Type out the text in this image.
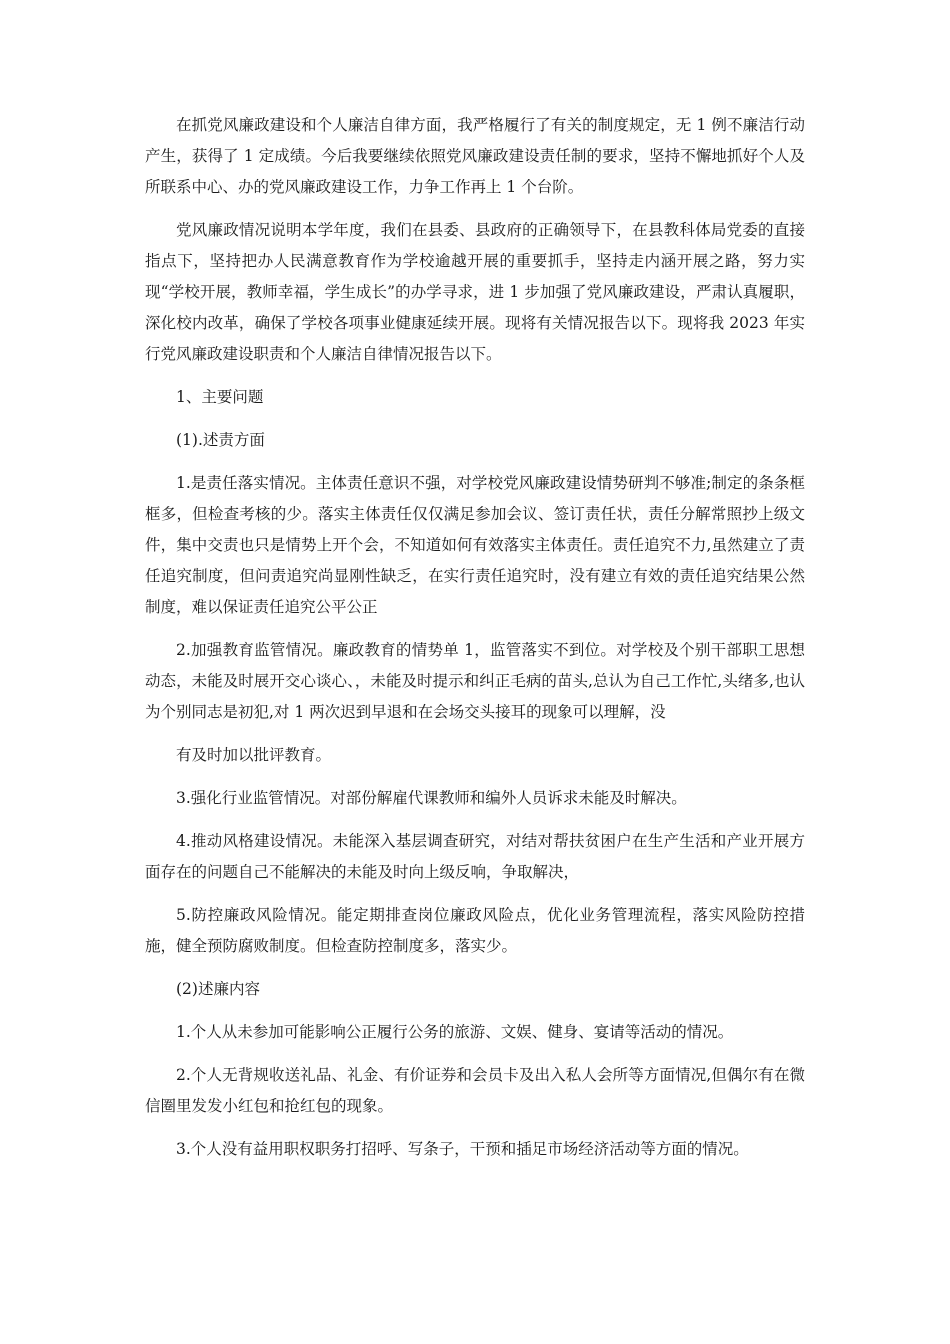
在抓党风廉政建设和个人廉洁自律方面，我严格履行了有关的制度规定，无 1 例不廉洁行动产生，获得了 1 定成绩。今后我要继续依照党风廉政建设责任制的要求，坚持不懈地抓好个人及所联系中心、办的党风廉政建设工作，力争工作再上 1 个台阶。

党风廉政情况说明本学年度，我们在县委、县政府的正确领导下，在县教科体局党委的直接指点下，坚持把办人民满意教育作为学校逾越开展的重要抓手，坚持走内涵开展之路，努力实现“学校开展，教师幸福，学生成长”的办学寻求，进 1 步加强了党风廉政建设，严肃认真履职，深化校内改革，确保了学校各项事业健康延续开展。现将有关情况报告以下。现将我 2023 年实行党风廉政建设职责和个人廉洁自律情况报告以下。

1、主要问题

(1).述责方面

1.是责任落实情况。主体责任意识不强，对学校党风廉政建设情势研判不够准;制定的条条框框多，但检查考核的少。落实主体责任仅仅满足参加会议、签订责任状，责任分解常照抄上级文件，集中交责也只是情势上开个会，不知道如何有效落实主体责任。责任追究不力,虽然建立了责任追究制度，但问责追究尚显刚性缺乏，在实行责任追究时，没有建立有效的责任追究结果公然制度，难以保证责任追究公平公正

2.加强教育监管情况。廉政教育的情势单 1，监管落实不到位。对学校及个别干部职工思想动态，未能及时展开交心谈心、，未能及时提示和纠正毛病的苗头,总认为自己工作忙,头绪多,也认为个别同志是初犯,对 1 两次迟到早退和在会场交头接耳的现象可以理解，没

有及时加以批评教育。

3.强化行业监管情况。对部份解雇代课教师和编外人员诉求未能及时解决。

4.推动风格建设情况。未能深入基层调查研究，对结对帮扶贫困户在生产生活和产业开展方面存在的问题自己不能解决的未能及时向上级反响，争取解决，

5.防控廉政风险情况。能定期排查岗位廉政风险点，优化业务管理流程，落实风险防控措施，健全预防腐败制度。但检查防控制度多，落实少。

(2)述廉内容

1.个人从未参加可能影响公正履行公务的旅游、文娱、健身、宴请等活动的情况。

2.个人无背规收送礼品、礼金、有价证券和会员卡及出入私人会所等方面情况,但偶尔有在微信圈里发发小红包和抢红包的现象。

3.个人没有益用职权职务打招呼、写条子，干预和插足市场经济活动等方面的情况。
